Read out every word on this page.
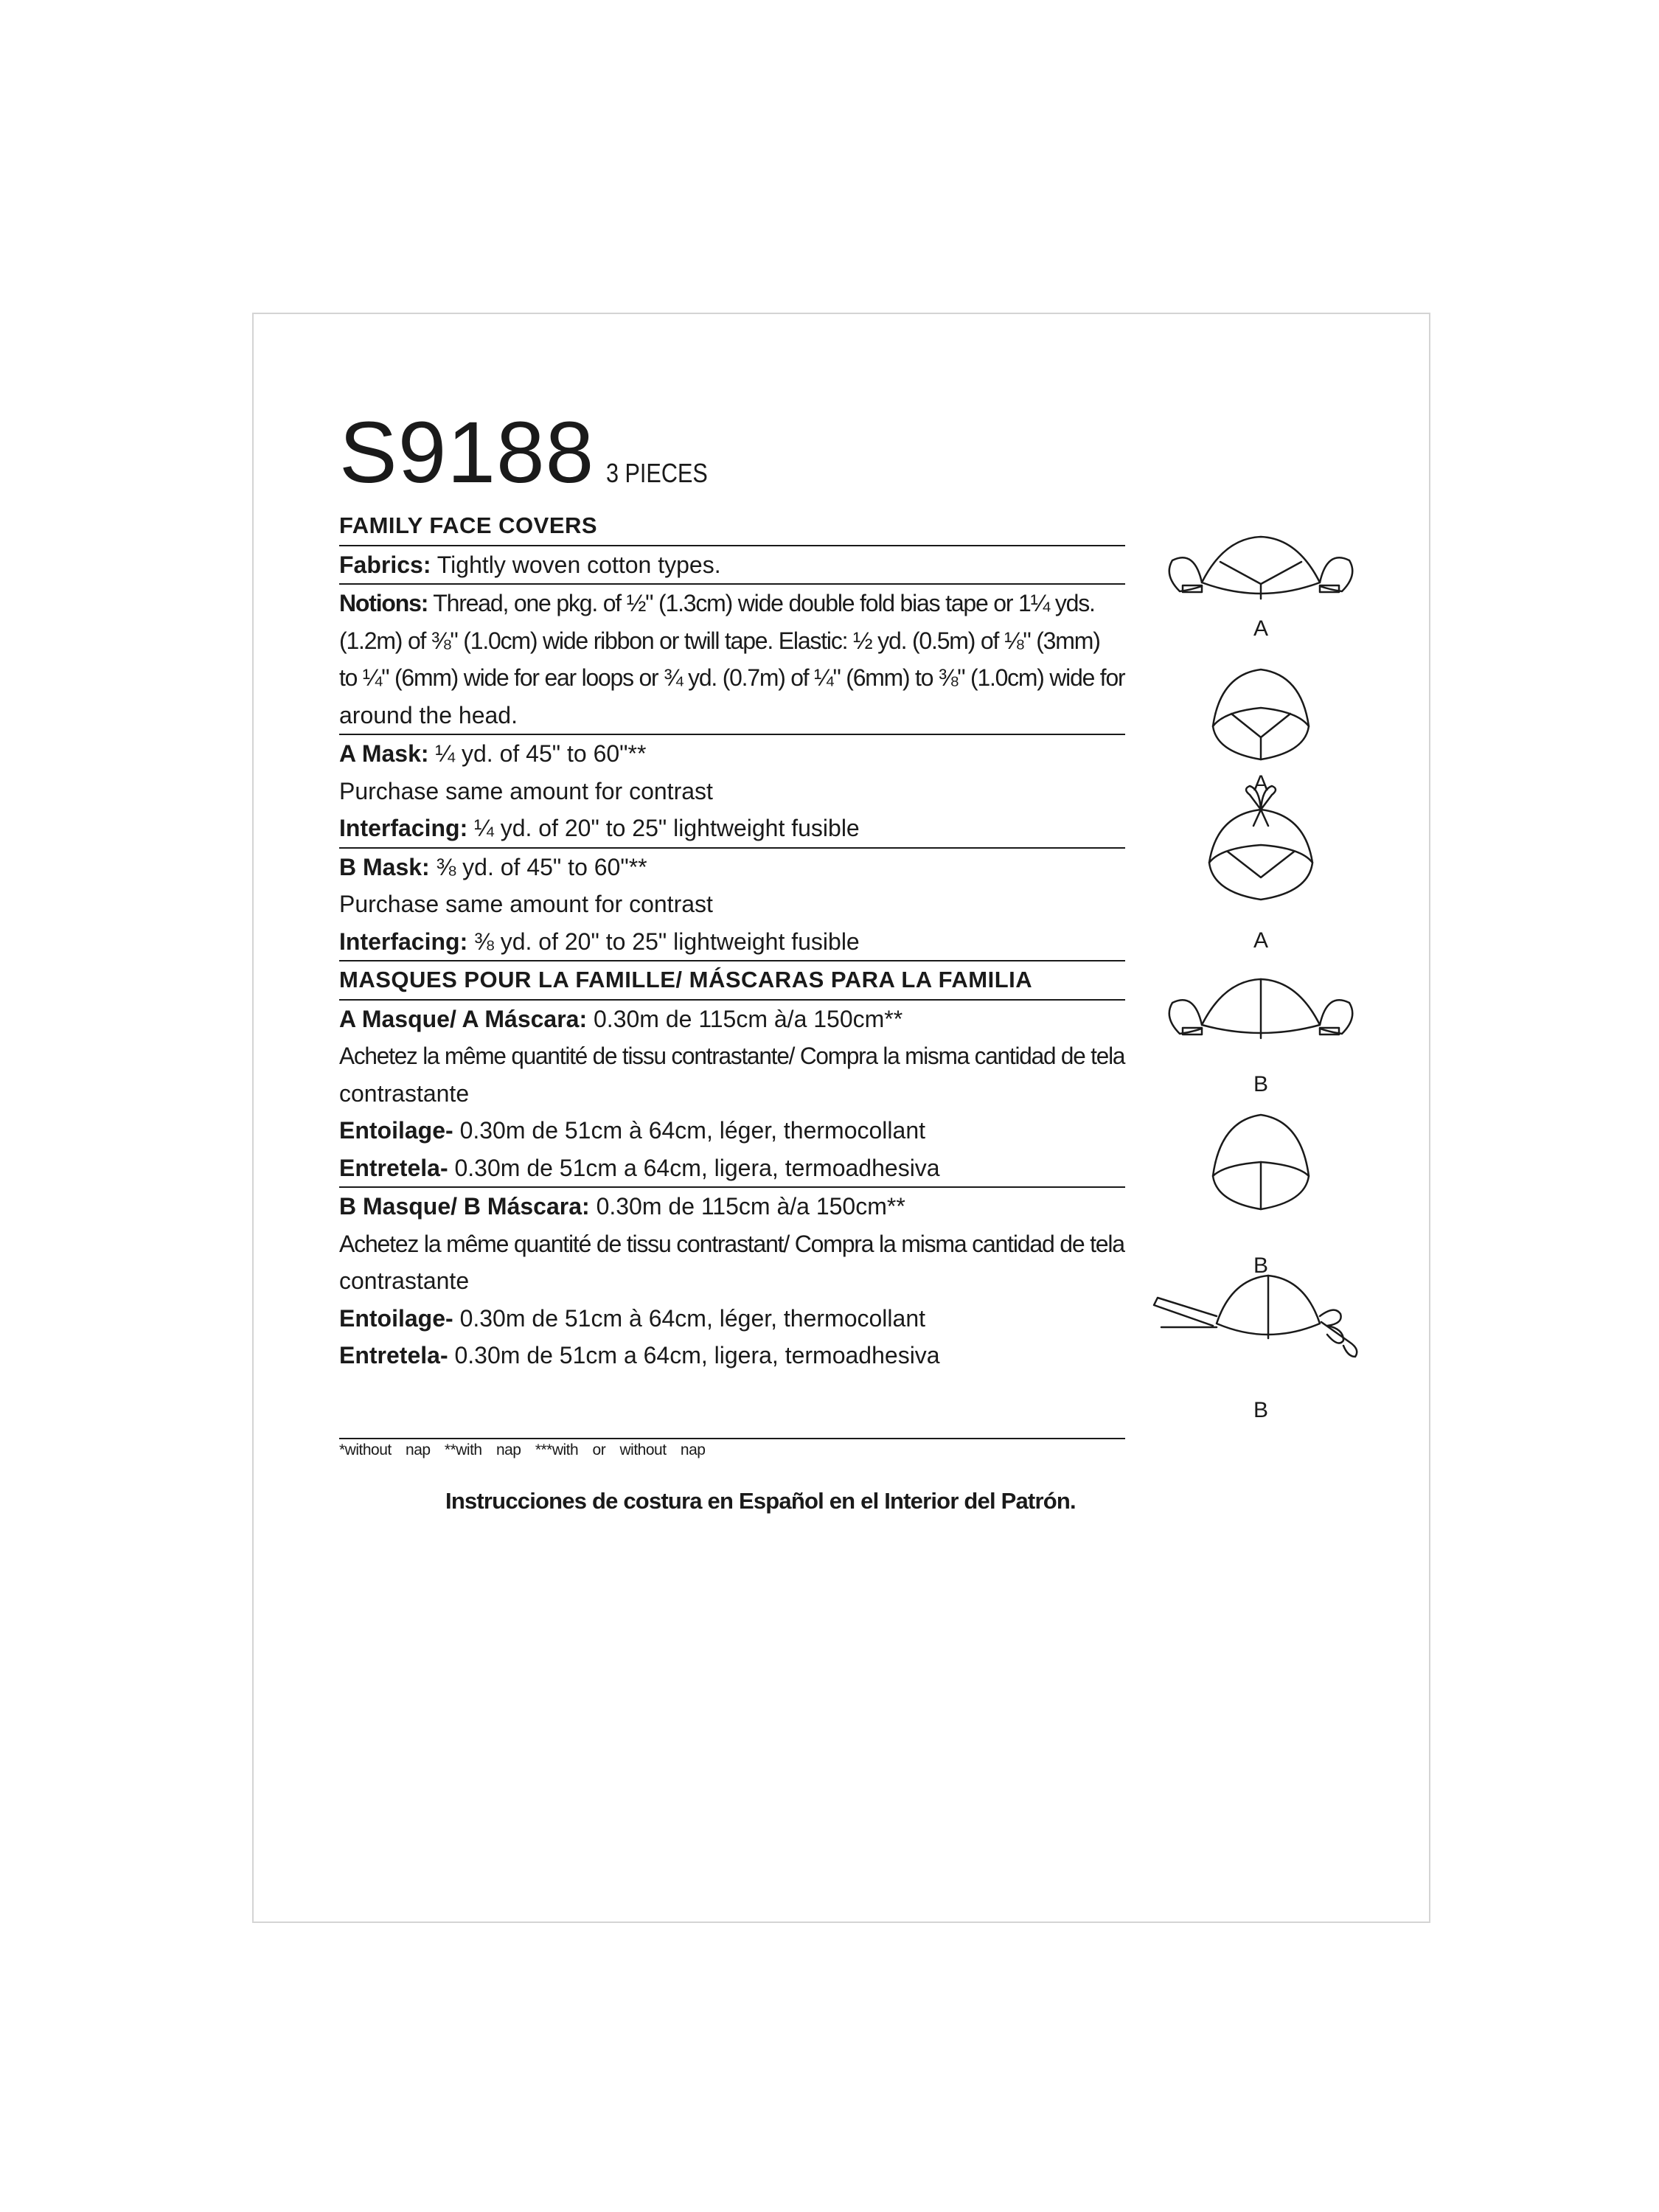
S9188 3 PIECES
FAMILY FACE COVERS
Fabrics: Tightly woven cotton types.
Notions: Thread, one pkg. of ½" (1.3cm) wide double fold bias tape or 1¼ yds.
(1.2m) of ⅜" (1.0cm) wide ribbon or twill tape. Elastic: ½ yd. (0.5m) of ⅛" (3mm)
to ¼" (6mm) wide for ear loops or ¾ yd. (0.7m) of ¼" (6mm) to ⅜" (1.0cm) wide for
around the head.
A Mask: ¼ yd. of 45" to 60"**
Purchase same amount for contrast
Interfacing: ¼ yd. of 20" to 25" lightweight fusible
B Mask: ⅜ yd. of 45" to 60"**
Purchase same amount for contrast
Interfacing: ⅜ yd. of 20" to 25" lightweight fusible
MASQUES POUR LA FAMILLE/ MÁSCARAS PARA LA FAMILIA
A Masque/ A Máscara: 0.30m de 115cm à/a 150cm**
Achetez la même quantité de tissu contrastante/ Compra la misma cantidad de tela
contrastante
Entoilage- 0.30m de 51cm à 64cm, léger, thermocollant
Entretela- 0.30m de 51cm a 64cm, ligera, termoadhesiva
B Masque/ B Máscara: 0.30m de 115cm à/a 150cm**
Achetez la même quantité de tissu contrastant/ Compra la misma cantidad de tela
contrastante
Entoilage- 0.30m de 51cm à 64cm, léger, thermocollant
Entretela- 0.30m de 51cm a 64cm, ligera, termoadhesiva
*without nap **with nap ***with or without nap
Instrucciones de costura en Español en el Interior del Patrón.
A
A
A
B
B
B
